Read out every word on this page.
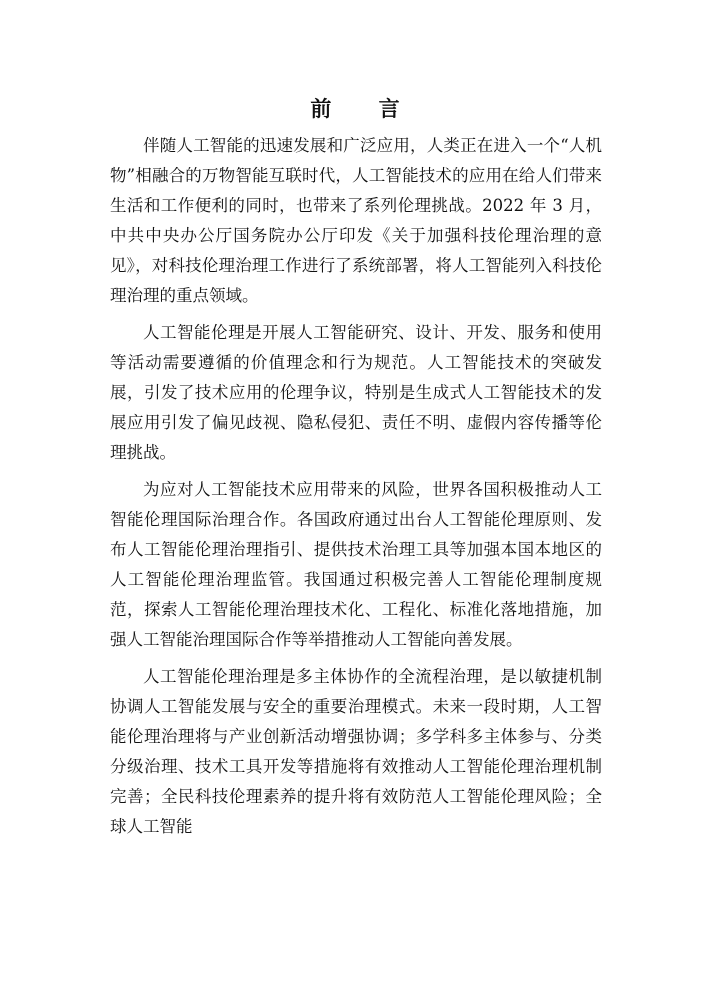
前 言

伴随人工智能的迅速发展和广泛应用，人类正在进入一个“人机物”相融合的万物智能互联时代，人工智能技术的应用在给人们带来生活和工作便利的同时，也带来了系列伦理挑战。2022 年 3 月，中共中央办公厅国务院办公厅印发《关于加强科技伦理治理的意见》，对科技伦理治理工作进行了系统部署，将人工智能列入科技伦理治理的重点领域。

人工智能伦理是开展人工智能研究、设计、开发、服务和使用等活动需要遵循的价值理念和行为规范。人工智能技术的突破发展，引发了技术应用的伦理争议，特别是生成式人工智能技术的发展应用引发了偏见歧视、隐私侵犯、责任不明、虚假内容传播等伦理挑战。

为应对人工智能技术应用带来的风险，世界各国积极推动人工智能伦理国际治理合作。各国政府通过出台人工智能伦理原则、发布人工智能伦理治理指引、提供技术治理工具等加强本国本地区的人工智能伦理治理监管。我国通过积极完善人工智能伦理制度规范，探索人工智能伦理治理技术化、工程化、标准化落地措施，加强人工智能治理国际合作等举措推动人工智能向善发展。

人工智能伦理治理是多主体协作的全流程治理，是以敏捷机制协调人工智能发展与安全的重要治理模式。未来一段时期，人工智能伦理治理将与产业创新活动增强协调；多学科多主体参与、分类分级治理、技术工具开发等措施将有效推动人工智能伦理治理机制完善；全民科技伦理素养的提升将有效防范人工智能伦理风险；全球人工智能
